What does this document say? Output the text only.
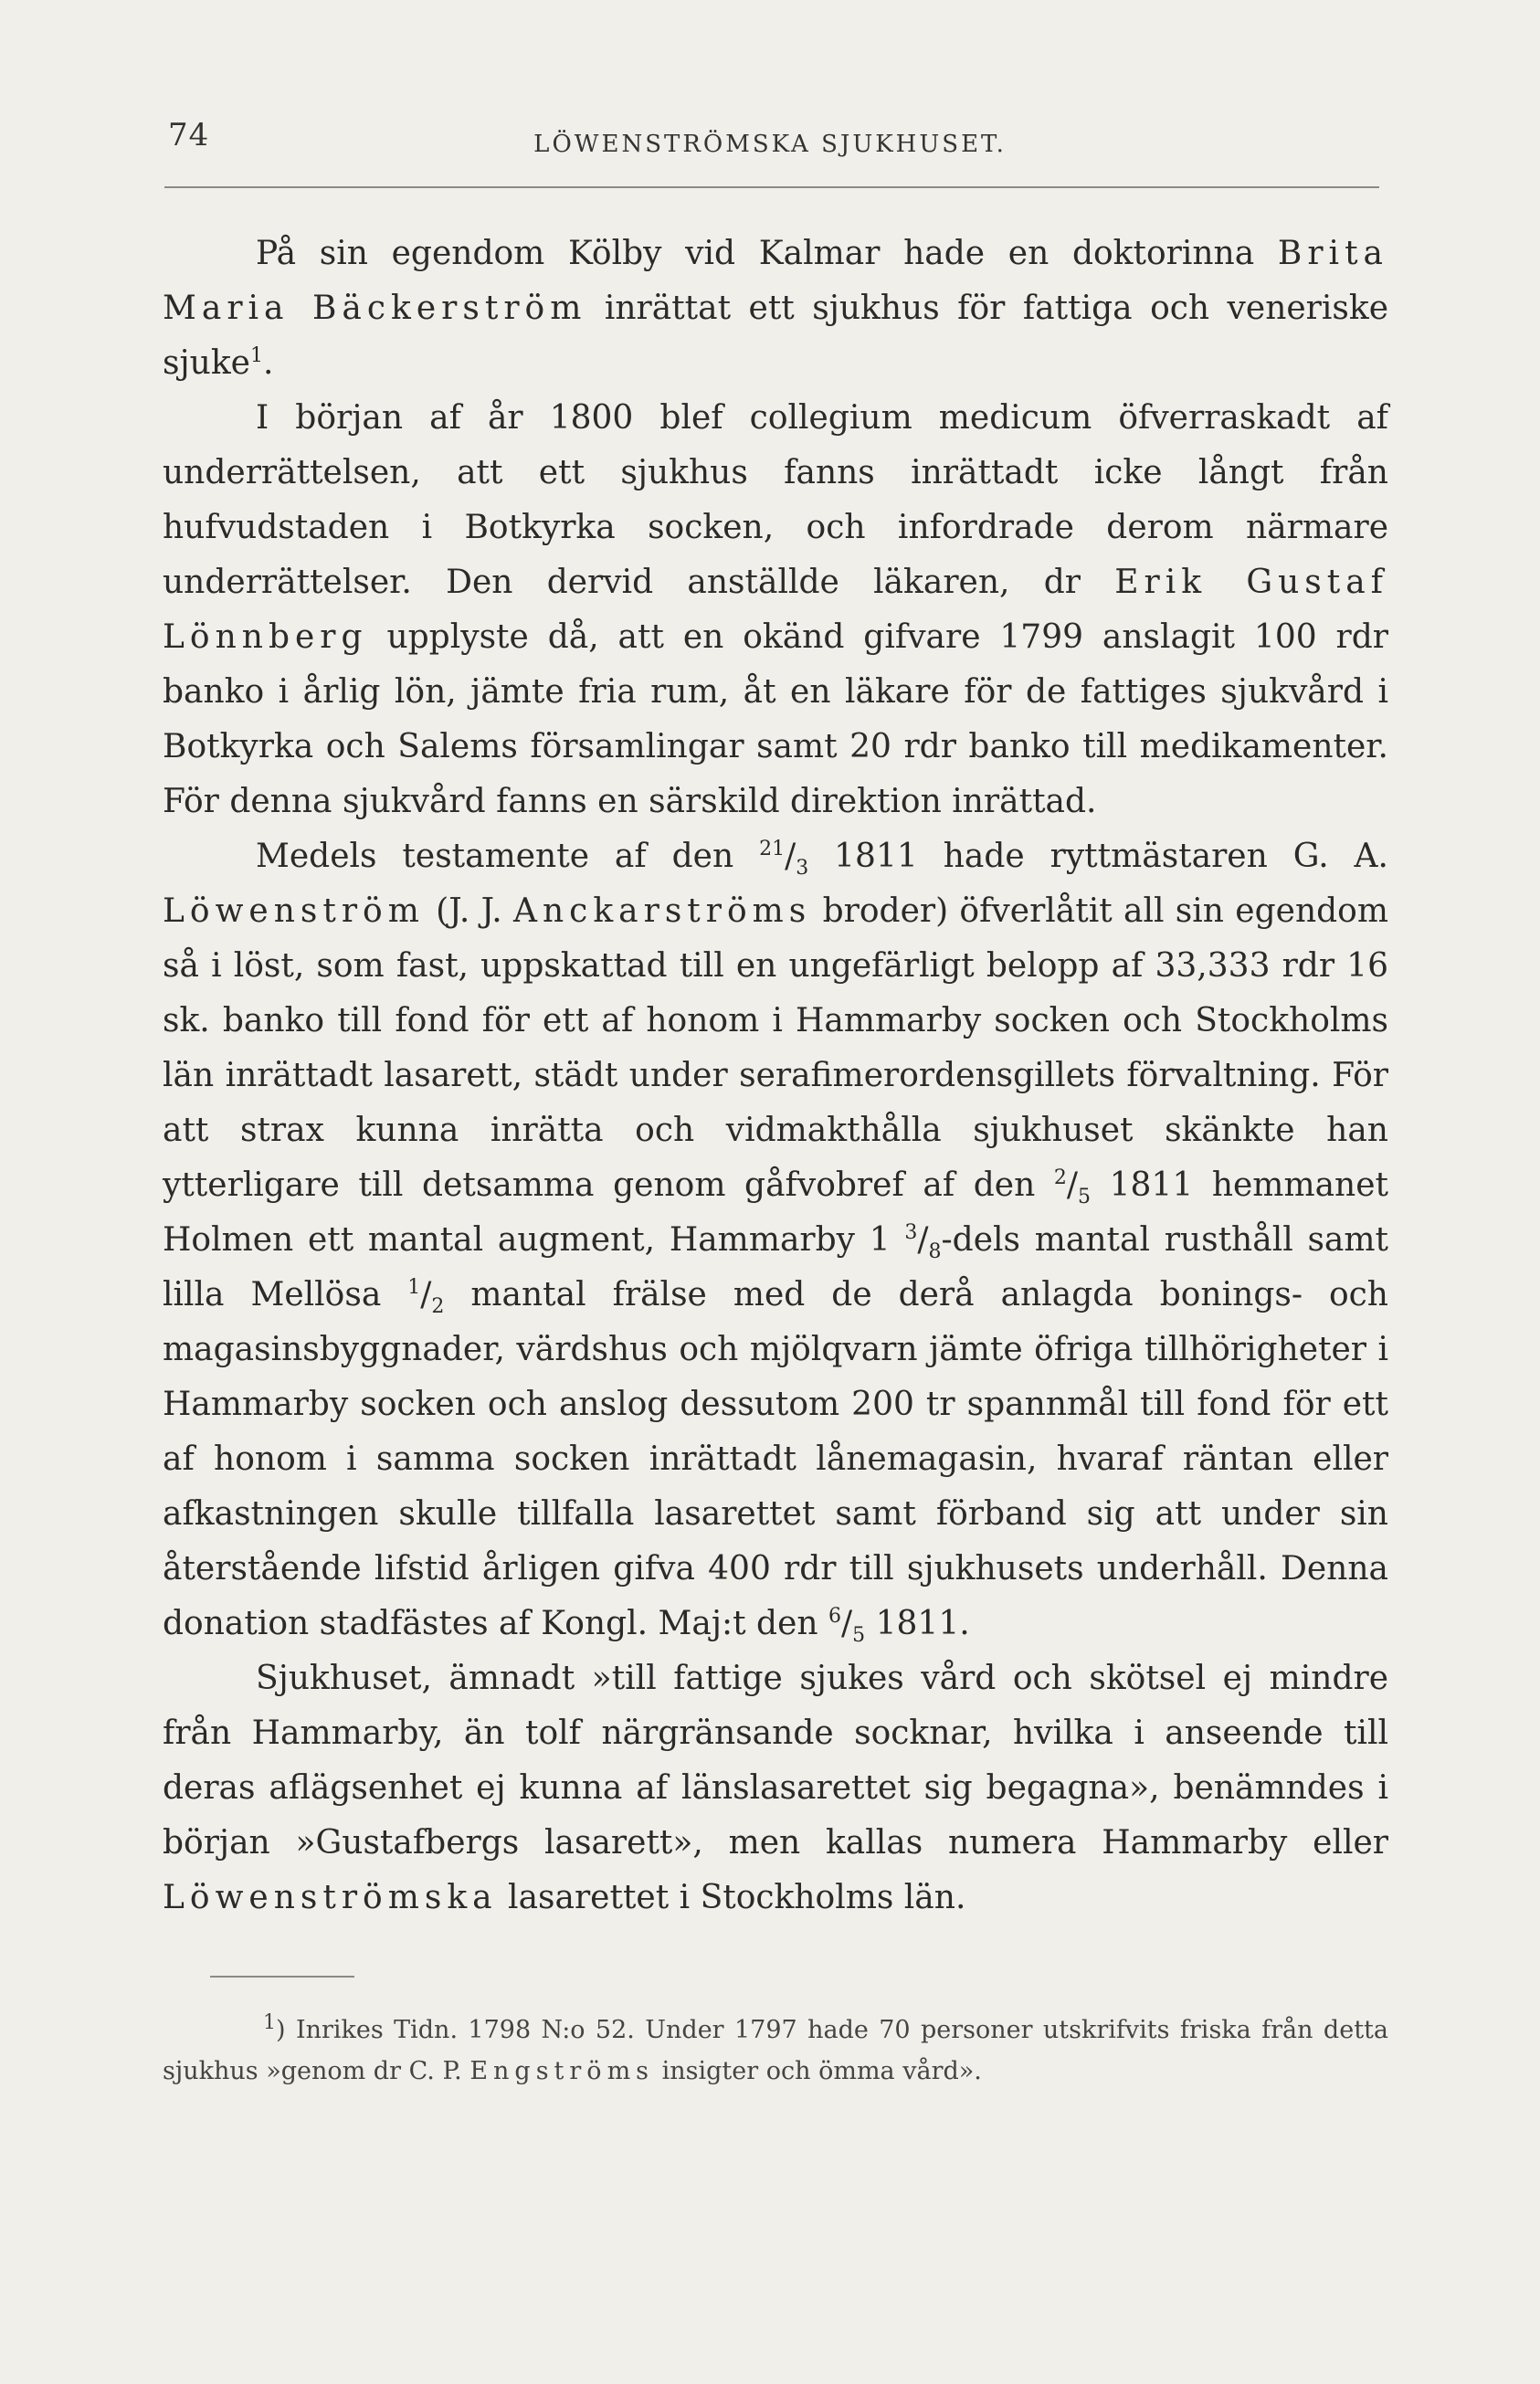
74	LÖWENSTRÖMSKA SJUKHUSET.

På sin egendom Kölby vid Kalmar hade en doktorinna Brita Maria Bäckerström inrättat ett sjukhus för fattiga och veneriske sjuke$^1$.

I början af år 1800 blef collegium medicum öfverraskadt af underrättelsen, att ett sjukhus fanns inrättadt icke långt från hufvudstaden i Botkyrka socken, och infordrade derom närmare underrättelser. Den dervid anställde läkaren, dr Erik Gustaf Lönnberg upplyste då, att en okänd gifvare 1799 anslagit 100 rdr banko i årlig lön, jämte fria rum, åt en läkare för de fattiges sjukvård i Botkyrka och Salems församlingar samt 20 rdr banko till medikamenter. För denna sjukvård fanns en särskild direktion inrättad.

Medels testamente af den $^{21}/_3$ 1811 hade ryttmästaren G. A. Löwenström (J. J. Anckarströms broder) öfverlåtit all sin egendom så i löst, som fast, uppskattad till en ungefärligt belopp af 33,333 rdr 16 sk. banko till fond för ett af honom i Hammarby socken och Stockholms län inrättadt lasarett, städt under serafimerordensgillets förvaltning. För att strax kunna inrätta och vidmakthålla sjukhuset skänkte han ytterligare till detsamma genom gåfvobref af den $^2/_5$ 1811 hemmanet Holmen ett mantal augment, Hammarby 1 $^3/_8$-dels mantal rusthåll samt lilla Mellösa $^1/_2$ mantal frälse med de derå anlagda bonings- och magasinsbyggnader, värdshus och mjölqvarn jämte öfriga tillhörigheter i Hammarby socken och anslog dessutom 200 tr spannmål till fond för ett af honom i samma socken inrättadt lånemagasin, hvaraf räntan eller afkastningen skulle tillfalla lasarettet samt förband sig att under sin återstående lifstid årligen gifva 400 rdr till sjukhusets underhåll. Denna donation stadfästes af Kongl. Maj:t den $^6/_5$ 1811.

Sjukhuset, ämnadt »till fattige sjukes vård och skötsel ej mindre från Hammarby, än tolf närgränsande socknar, hvilka i anseende till deras aflägsenhet ej kunna af länslasarettet sig begagna», benämndes i början »Gustafbergs lasarett», men kallas numera Hammarby eller Löwenströmska lasarettet i Stockholms län.

$^1$) Inrikes Tidn. 1798 N:o 52. Under 1797 hade 70 personer utskrifvits friska från detta sjukhus »genom dr C. P. Engströms insigter och ömma vård».
